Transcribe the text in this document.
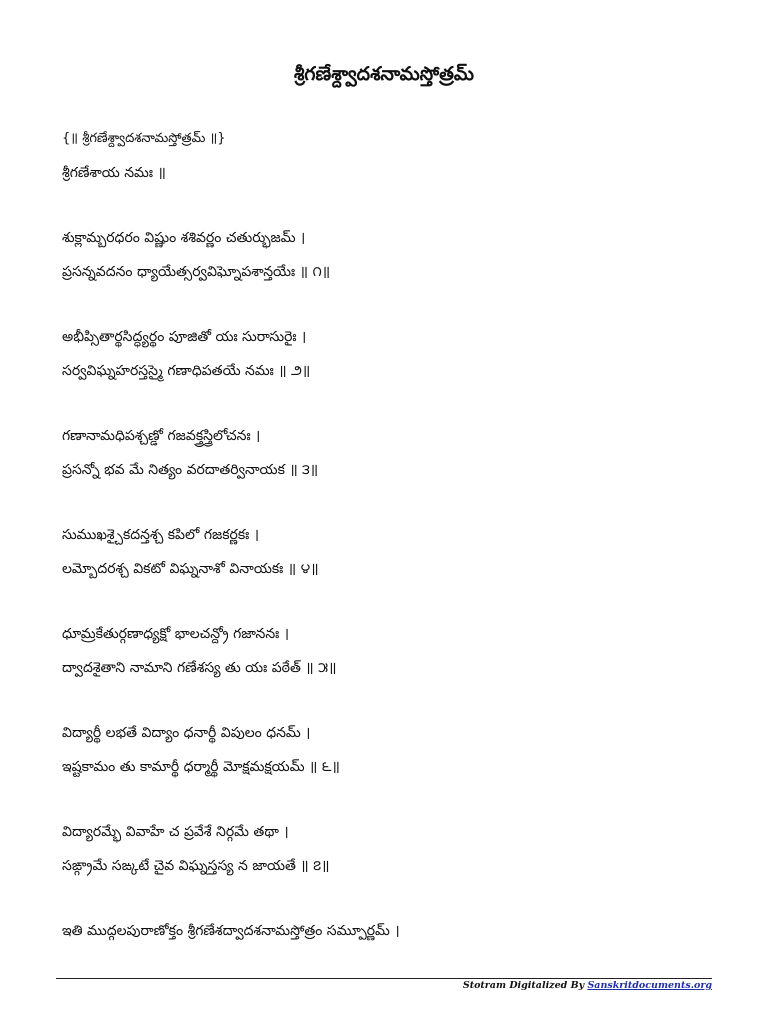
శ్రీగణేశ్ద్వాదశనామస్తోత్రమ్
{॥ శ్రీగణేశ్ద్వాదశనామస్తోత్రమ్ ॥}
శ్రీగణేశాయ నమః ॥
శుక్లామ్బరధరం విష్ణుం శశివర్ణం చతుర్భుజమ్ ।
ప్రసన్నవదనం ధ్యాయేత్సర్వవిఘ్నోపశాన్తయేః ॥ ౧॥
అభీప్సితార్థసిద్ధ్యర్థం పూజితో యః సురాసురైః ।
సర్వవిఘ్నహరస్తస్మై గణాధిపతయే నమః ॥ ౨॥
గణానామధిపశ్చణ్డో గజవక్త్రస్త్రిలోచనః ।
ప్రసన్నో భవ మే నిత్యం వరదాతర్వినాయక ॥ ౩॥
సుముఖశ్చైకదన్తశ్చ కపిలో గజకర్ణకః ।
లమ్బోదరశ్చ వికటో విఘ్ననాశో వినాయకః ॥ ౪॥
ధూమ్రకేతుర్గణాధ్యక్షో భాలచన్ద్రో గజాననః ।
ద్వాదశైతాని నామాని గణేశస్య తు యః పఠేత్ ॥ ౫॥
విద్యార్థీ లభతే విద్యాం ధనార్థీ విపులం ధనమ్ ।
ఇష్టకామం తు కామార్థీ ధర్మార్థీ మోక్షమక్షయమ్ ॥ ౬॥
విద్యారమ్భే వివాహే చ ప్రవేశే నిర్గమే తథా ।
సఙ్గ్రామే సఙ్కటే చైవ విఘ్నస్తస్య న జాయతే ॥ ౭॥
ఇతి ముద్గలపురాణోక్తం శ్రీగణేశద్వాదశనామస్తోత్రం సమ్పూర్ణమ్ ।
Stotram Digitalized By Sanskritdocuments.org
